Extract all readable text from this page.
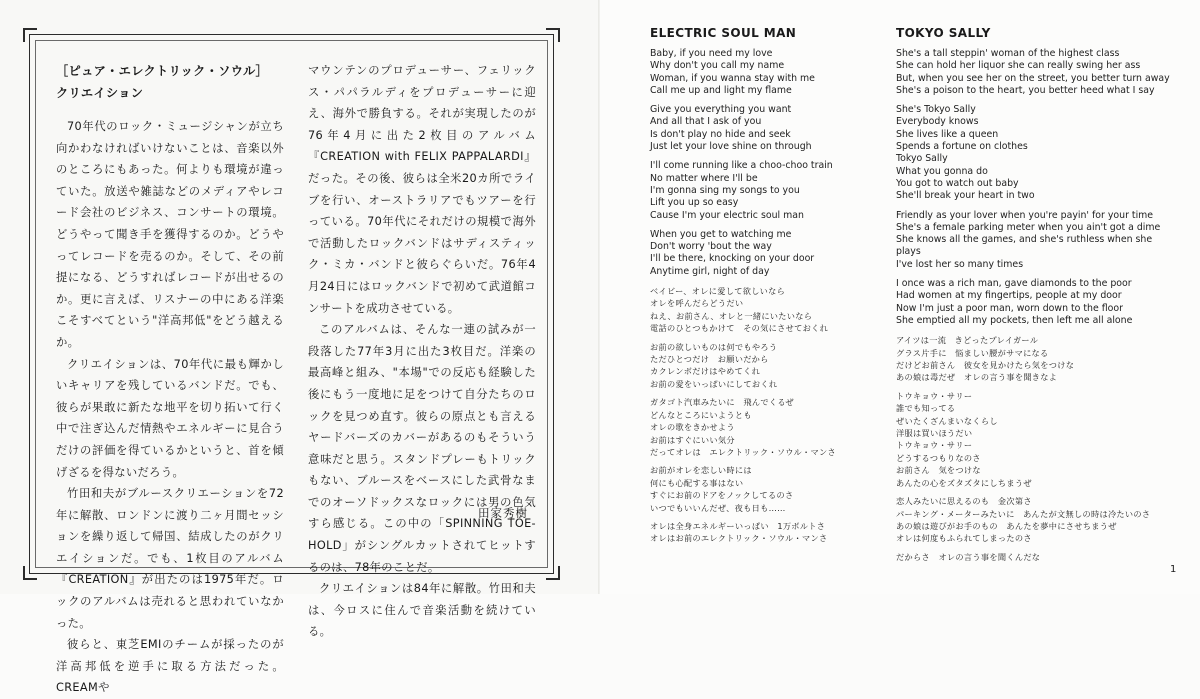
［ピュア・エレクトリック・ソウル］
クリエイション

70年代のロック・ミュージシャンが立ち向かわなければいけないことは、音楽以外のところにもあった。何よりも環境が違っていた。放送や雑誌などのメディアやレコード会社のビジネス、コンサートの環境。どうやって聞き手を獲得するのか。どうやってレコードを売るのか。そして、その前提になる、どうすればレコードが出せるのか。更に言えば、リスナーの中にある洋楽こそすべてという"洋高邦低"をどう越えるか。

クリエイションは、70年代に最も輝かしいキャリアを残しているバンドだ。でも、彼らが果敢に新たな地平を切り拓いて行く中で注ぎ込んだ情熱やエネルギーに見合うだけの評価を得ているかというと、首を傾げざるを得ないだろう。

竹田和夫がブルースクリエーションを72年に解散、ロンドンに渡り二ヶ月間セッションを繰り返して帰国、結成したのがクリエイションだ。でも、1枚目のアルバム『CREATION』が出たのは1975年だ。ロックのアルバムは売れると思われていなかった。

彼らと、東芝EMIのチームが採ったのが洋高邦低を逆手に取る方法だった。CREAMや

マウンテンのプロデューサー、フェリックス・パパラルディをプロデューサーに迎え、海外で勝負する。それが実現したのが76年4月に出た2枚目のアルバム『CREATION with FELIX PAPPALARDI』だった。その後、彼らは全米20カ所でライブを行い、オーストラリアでもツアーを行っている。70年代にそれだけの規模で海外で活動したロックバンドはサディスティック・ミカ・バンドと彼らぐらいだ。76年4月24日にはロックバンドで初めて武道館コンサートを成功させている。

このアルバムは、そんな一連の試みが一段落した77年3月に出た3枚目だ。洋楽の最高峰と組み、"本場"での反応も経験した後にもう一度地に足をつけて自分たちのロックを見つめ直す。彼らの原点とも言えるヤードバーズのカバーがあるのもそういう意味だと思う。スタンドプレーもトリックもない、ブルースをベースにした武骨なまでのオーソドックスなロックには男の色気すら感じる。この中の「SPINNING TOE-HOLD」がシングルカットされてヒットするのは、78年のことだ。

クリエイションは84年に解散。竹田和夫は、今ロスに住んで音楽活動を続けている。

田家秀樹
ELECTRIC SOUL MAN	TOKYO SALLY
Baby, if you need my love
Why don't you call my name
Woman, if you wanna stay with me
Call me up and light my flame
Give you everything you want
And all that I ask of you
Is don't play no hide and seek
Just let your love shine on through
I'll come running like a choo-choo train
No matter where I'll be
I'm gonna sing my songs to you
Lift you up so easy
Cause I'm your electric soul man
When you get to watching me
Don't worry 'bout the way
I'll be there, knocking on your door
Anytime girl, night of day
ベイビー、オレに愛して欲しいなら
オレを呼んだらどうだい
ねえ、お前さん、オレと一緒にいたいなら
電話のひとつもかけて　その気にさせておくれ
お前の欲しいものは何でもやろう
ただひとつだけ　お願いだから
カクレンボだけはやめてくれ
お前の愛をいっぱいにしておくれ
ガタゴト汽車みたいに　飛んでくるぜ
どんなところにいようとも
オレの歌をきかせよう
お前はすぐにいい気分
だってオレは　エレクトリック・ソウル・マンさ
お前がオレを恋しい時には
何にも心配する事はない
すぐにお前のドアをノックしてるのさ
いつでもいいんだぜ、夜も日も……
オレは全身エネルギーいっぱい　1万ボルトさ
オレはお前のエレクトリック・ソウル・マンさ
She's a tall steppin' woman of the highest class
She can hold her liquor she can really swing her ass
But, when you see her on the street, you better turn away
She's a poison to the heart, you better heed what I say
She's Tokyo Sally
Everybody knows
She lives like a queen
Spends a fortune on clothes
Tokyo Sally
What you gonna do
You got to watch out baby
She'll break your heart in two
Friendly as your lover when you're payin' for your time
She's a female parking meter when you ain't got a dime
She knows all the games, and she's ruthless when she plays
I've lost her so many times
I once was a rich man, gave diamonds to the poor
Had women at my fingertips, people at my door
Now I'm just a poor man, worn down to the floor
She emptied all my pockets, then left me all alone
アイツは一流　きどったプレイガール
グラス片手に　悩ましい腰がサマになる
だけどお前さん　彼女を見かけたら気をつけな
あの娘は毒だぜ　オレの言う事を聞きなよ
トウキョウ・サリー
誰でも知ってる
ぜいたくざんまいなくらし
洋服は買いほうだい
トウキョウ・サリー
どうするつもりなのさ
お前さん　気をつけな
あんたの心をズタズタにしちまうぜ
恋人みたいに思えるのも　金次第さ
パーキング・メーターみたいに　あんたが文無しの時は冷たいのさ
あの娘は遊びがお手のもの　あんたを夢中にさせちまうぜ
オレは何度もふられてしまったのさ
だからさ　オレの言う事を聞くんだな
1
